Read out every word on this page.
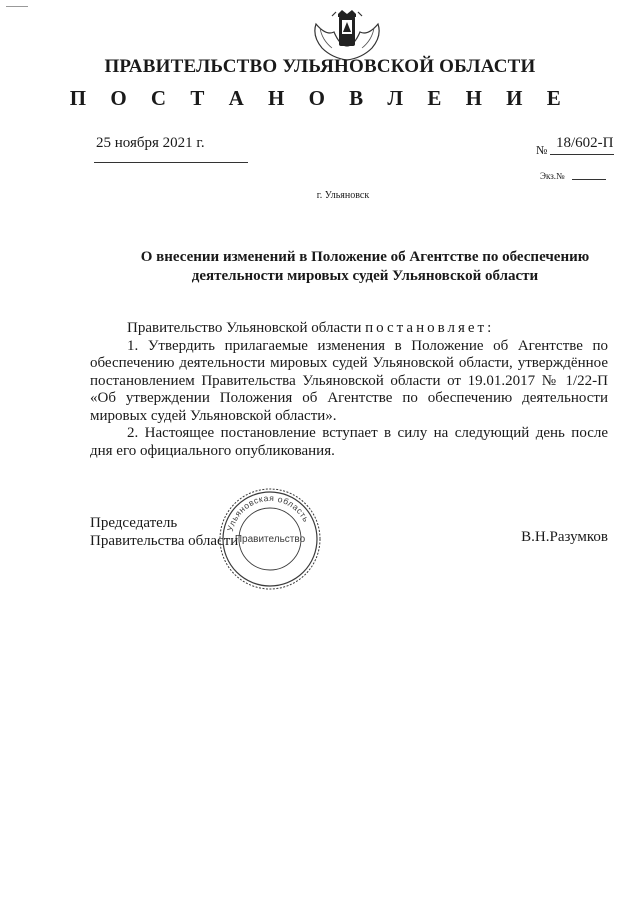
ПРАВИТЕЛЬСТВО УЛЬЯНОВСКОЙ ОБЛАСТИ
П О С Т А Н О В Л Е Н И Е
25 ноября 2021 г.	№ 18/602-П
Экз.№
г. Ульяновск
О внесении изменений в Положение об Агентстве по обеспечению
деятельности мировых судей Ульяновской области

Правительство Ульяновской области постановляет:

1. Утвердить прилагаемые изменения в Положение об Агентстве по обеспечению деятельности мировых судей Ульяновской области, утверждённое постановлением Правительства Ульяновской области от 19.01.2017 № 1/22-П «Об утверждении Положения об Агентстве по обеспечению деятельности мировых судей Ульяновской области».

2. Настоящее постановление вступает в силу на следующий день после дня его официального опубликования.

Председатель
Правительства области
Ульяновская область
Правительство	В.Н.Разумков
